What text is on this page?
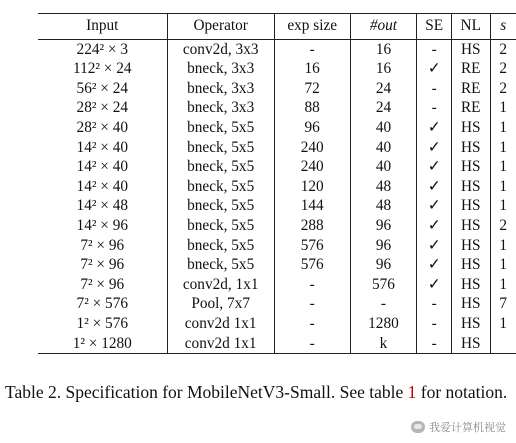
Input	Operator	exp size	#out	SE	NL	s
224² × 3	conv2d, 3x3	-	16	-	HS	2
112² × 24	bneck, 3x3	16	16	✓	RE	2
56² × 24	bneck, 3x3	72	24	-	RE	2
28² × 24	bneck, 3x3	88	24	-	RE	1
28² × 40	bneck, 5x5	96	40	✓	HS	1
14² × 40	bneck, 5x5	240	40	✓	HS	1
14² × 40	bneck, 5x5	240	40	✓	HS	1
14² × 40	bneck, 5x5	120	48	✓	HS	1
14² × 48	bneck, 5x5	144	48	✓	HS	1
14² × 96	bneck, 5x5	288	96	✓	HS	2
7² × 96	bneck, 5x5	576	96	✓	HS	1
7² × 96	bneck, 5x5	576	96	✓	HS	1
7² × 96	conv2d, 1x1	-	576	✓	HS	1
7² × 576	Pool, 7x7	-	-	-	HS	7
1² × 576	conv2d 1x1	-	1280	-	HS	1
1² × 1280	conv2d 1x1	-	k	-	HS	
Table 2. Specification for MobileNetV3-Small. See table 1 for notation.
我爱计算机视觉
